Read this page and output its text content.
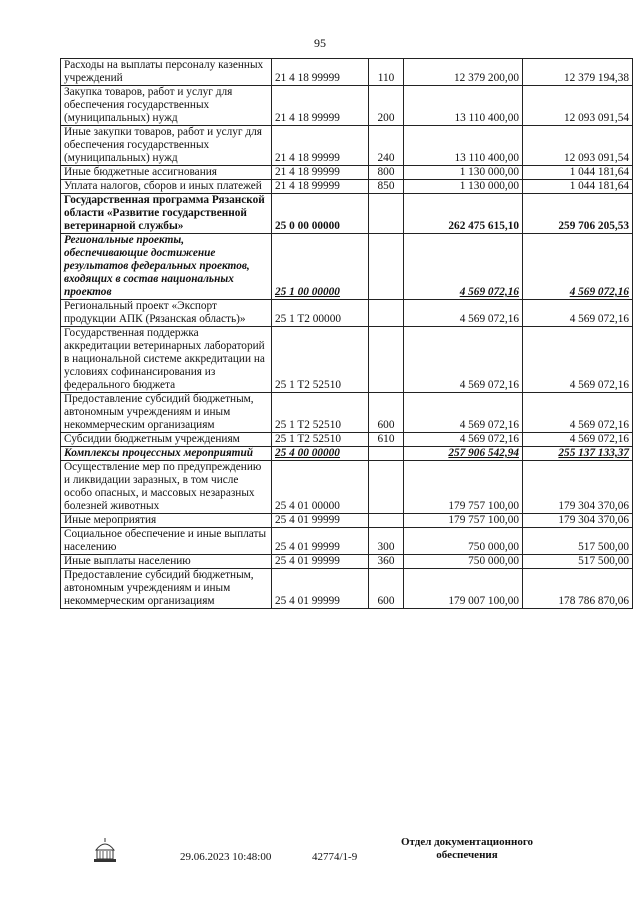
95
Расходы на выплаты персоналу казенных учреждений	21 4 18 99999	110	12 379 200,00	12 379 194,38
Закупка товаров, работ и услуг для обеспечения государственных (муниципальных) нужд	21 4 18 99999	200	13 110 400,00	12 093 091,54
Иные закупки товаров, работ и услуг для обеспечения государственных (муниципальных) нужд	21 4 18 99999	240	13 110 400,00	12 093 091,54
Иные бюджетные ассигнования	21 4 18 99999	800	1 130 000,00	1 044 181,64
Уплата налогов, сборов и иных платежей	21 4 18 99999	850	1 130 000,00	1 044 181,64
Государственная программа Рязанской области «Развитие государственной ветеринарной службы»	25 0 00 00000		262 475 615,10	259 706 205,53
Региональные проекты, обеспечивающие достижение результатов федеральных проектов, входящих в состав национальных проектов	25 1 00 00000		4 569 072,16	4 569 072,16
Региональный проект «Экспорт продукции АПК (Рязанская область)»	25 1 T2 00000		4 569 072,16	4 569 072,16
Государственная поддержка аккредитации ветеринарных лабораторий в национальной системе аккредитации на условиях софинансирования из федерального бюджета	25 1 T2 52510		4 569 072,16	4 569 072,16
Предоставление субсидий бюджетным, автономным учреждениям и иным некоммерческим организациям	25 1 T2 52510	600	4 569 072,16	4 569 072,16
Субсидии бюджетным учреждениям	25 1 T2 52510	610	4 569 072,16	4 569 072,16
Комплексы процессных мероприятий	25 4 00 00000		257 906 542,94	255 137 133,37
Осуществление мер по предупреждению и ликвидации заразных, в том числе особо опасных, и массовых незаразных болезней животных	25 4 01 00000		179 757 100,00	179 304 370,06
Иные мероприятия	25 4 01 99999		179 757 100,00	179 304 370,06
Социальное обеспечение и иные выплаты населению	25 4 01 99999	300	750 000,00	517 500,00
Иные выплаты населению	25 4 01 99999	360	750 000,00	517 500,00
Предоставление субсидий бюджетным, автономным учреждениям и иным некоммерческим организациям	25 4 01 99999	600	179 007 100,00	178 786 870,06
29.06.2023 10:48:00	42774/1-9
Отдел документационного обеспечения
